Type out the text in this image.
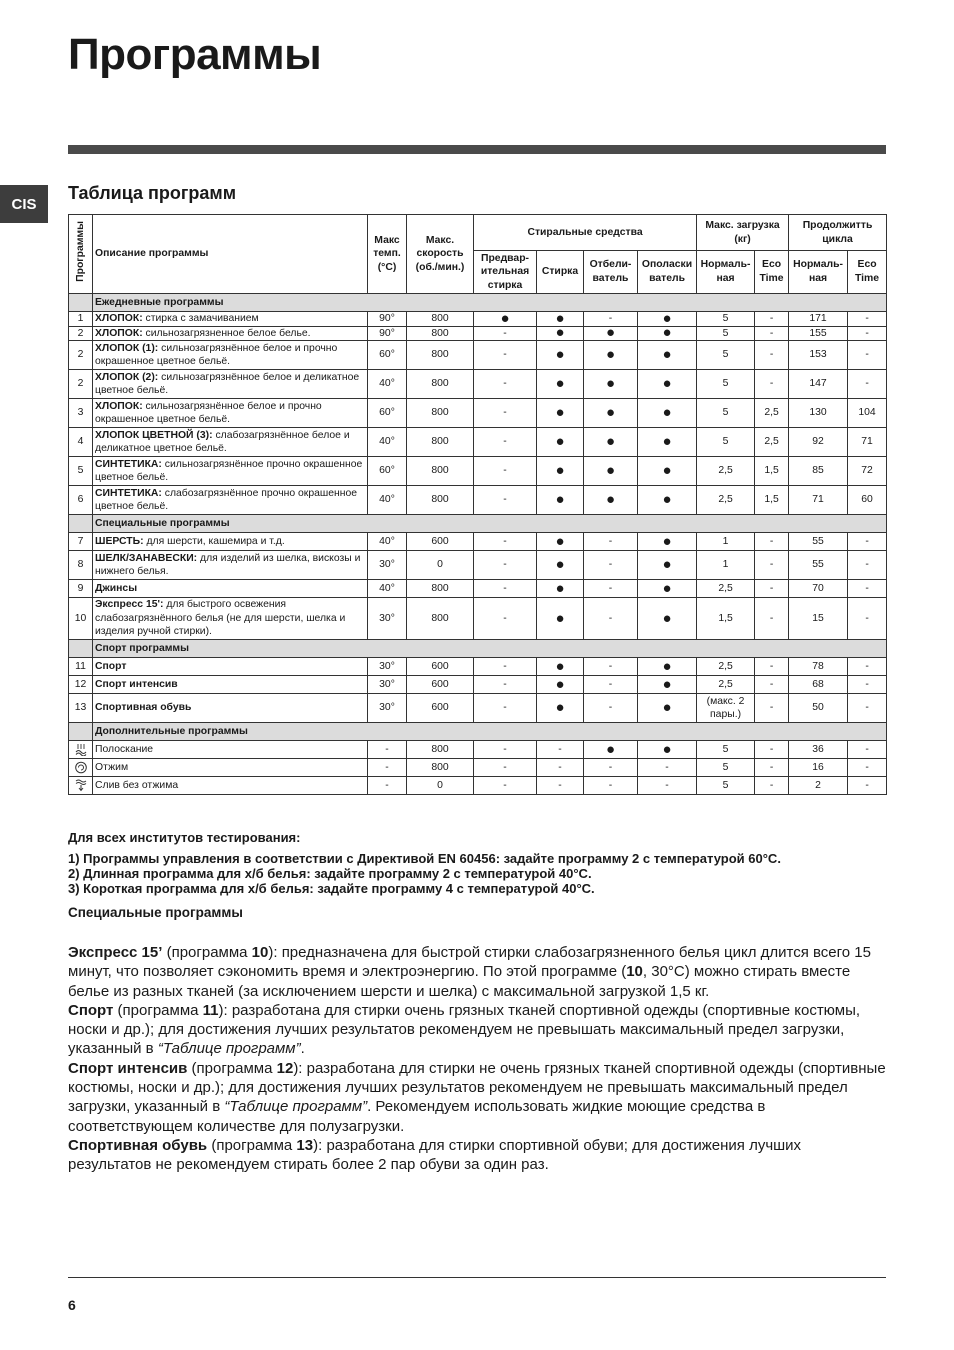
Программы
CIS
Таблица программ
Программы	Описание программы	Макс темп. (°C)	Макс. скорость (об./мин.)	Стиральные средства				Макс. загрузка (кг)		Продолжитть цикла	
				Предвар-ительная стирка	Стирка	Отбели-ватель	Ополаски ватель	Нормаль-ная	Eco Time	Нормаль-ная	Eco Time
	Ежедневные программы										
1	ХЛОПОК: стирка с замачиванием	90°	800	●	●	-	●	5	-	171	-
2	ХЛОПОК: сильнозагрязненное белое белье.	90°	800	-	●	●	●	5	-	155	-
2	ХЛОПОК (1): сильнозагрязнённое белое и прочно окрашенное цветное бельё.	60°	800	-	●	●	●	5	-	153	-
2	ХЛОПОК (2): сильнозагрязнённое белое и деликатное цветное бельё.	40°	800	-	●	●	●	5	-	147	-
3	ХЛОПОК: сильнозагрязнённое белое и прочно окрашенное цветное бельё.	60°	800	-	●	●	●	5	2,5	130	104
4	ХЛОПОК ЦВЕТНОЙ (3): слабозагрязнённое белое и деликатное цветное бельё.	40°	800	-	●	●	●	5	2,5	92	71
5	СИНТЕТИКА: сильнозагрязнённое прочно окрашенное цветное бельё.	60°	800	-	●	●	●	2,5	1,5	85	72
6	СИНТЕТИКА: слабозагрязнённое прочно окрашенное цветное бельё.	40°	800	-	●	●	●	2,5	1,5	71	60
	Специальные программы										
7	ШЕРСТЬ: для шерсти, кашемира и т.д.	40°	600	-	●	-	●	1	-	55	-
8	ШЕЛК/ЗАНАВЕСКИ: для изделий из шелка, вискозы и нижнего белья.	30°	0	-	●	-	●	1	-	55	-
9	Джинсы	40°	800	-	●	-	●	2,5	-	70	-
10	Экспресс 15': для быстрого освежения слабозагрязнённого белья (не для шерсти, шелка и изделия ручной стирки).	30°	800	-	●	-	●	1,5	-	15	-
	Спорт программы										
11	Спорт	30°	600	-	●	-	●	2,5	-	78	-
12	Спорт интенсив	30°	600	-	●	-	●	2,5	-	68	-
13	Спортивная обувь	30°	600	-	●	-	●	(макс. 2 пары.)	-	50	-
	Дополнительные программы										

	Полоскание	-	800	-	-	●	●	5	-	36	-

	Отжим	-	800	-	-	-	-	5	-	16	-

	Слив без отжима	-	0	-	-	-	-	5	-	2	-

Для всех институтов тестирования:

1) Программы управления в соответствии с Директивой EN 60456: задайте программу 2 с температурой 60°C.

2) Длинная программа для х/б белья: задайте программу 2 с температурой 40°C.

3) Короткая программа для х/б белья: задайте программу 4 с температурой 40°C.

Специальные программы

Экспресс 15’ (программа 10): предназначена для быстрой стирки слабозагрязненного белья цикл длится всего 15 минут, что позволяет сэкономить время и электроэнергию. По этой программе (10, 30°C) можно стирать вместе белье из разных тканей (за исключением шерсти и шелка) с максимальной загрузкой 1,5 кг.

Спорт (программа 11): разработана для стирки очень грязных тканей спортивной одежды (спортивные костюмы, носки и др.); для достижения лучших результатов рекомендуем не превышать максимальный предел загрузки, указанный в “Таблице программ”.

Спорт интенсив (программа 12): разработана для стирки не очень грязных тканей спортивной одежды (спортивные костюмы, носки и др.); для достижения лучших результатов рекомендуем не превышать максимальный предел загрузки, указанный в “Таблице программ”. Рекомендуем использовать жидкие моющие средства в соответствующем количестве для полузагрузки.

Спортивная обувь (программа 13): разработана для стирки спортивной обуви; для достижения лучших результатов не рекомендуем стирать более 2 пар обуви за один раз.

6
